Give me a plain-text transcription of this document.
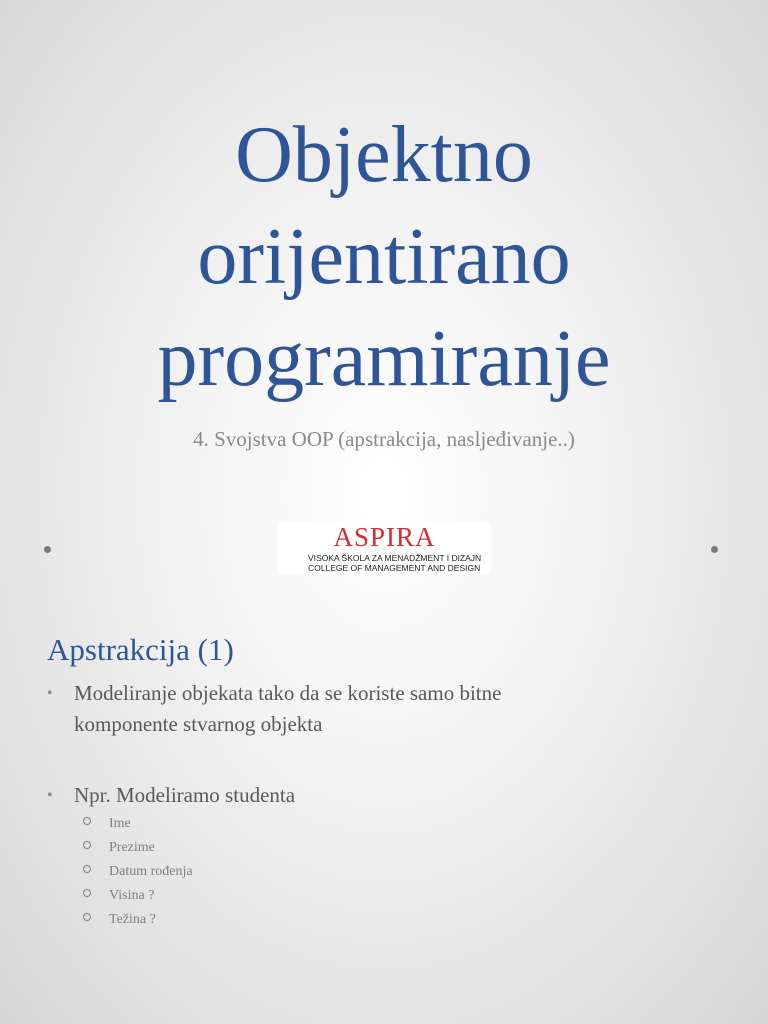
Objektno
orijentirano
programiranje
4. Svojstva OOP (apstrakcija, nasljeđivanje..)
ASPIRA
VISOKA ŠKOLA ZA MENADŽMENT I DIZAJN
COLLEGE OF MANAGEMENT AND DESIGN
Apstrakcija (1)
• Modeliranje objekata tako da se koriste samo bitne
komponente stvarnog objekta
• Npr. Modeliramo studenta
Ime
Prezime
Datum rođenja
Visina ?
Težina ?
